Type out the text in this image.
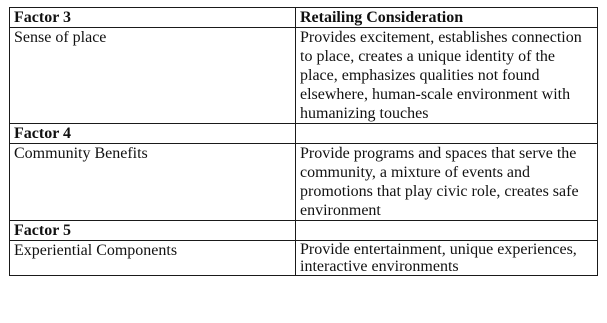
Factor 3	Retailing Consideration
Sense of place	Provides excitement, establishes connection to place, creates a unique identity of the place, emphasizes qualities not found elsewhere, human-scale environment with humanizing touches
Factor 4	
Community Benefits	Provide programs and spaces that serve the community, a mixture of events and promotions that play civic role, creates safe environment
Factor 5	
Experiential Components	Provide entertainment, unique experiences, interactive environments
